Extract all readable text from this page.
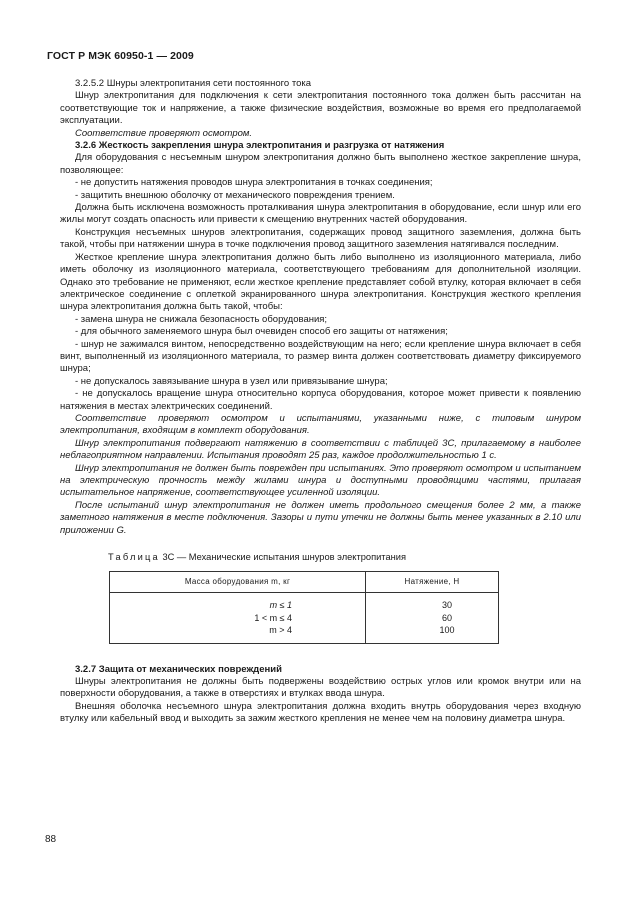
ГОСТ Р МЭК 60950-1 — 2009

3.2.5.2 Шнуры электропитания сети постоянного тока

Шнур электропитания для подключения к сети электропитания постоянного тока должен быть рассчитан на соответствующие ток и напряжение, а также физические воздействия, возможные во время его предполагаемой эксплуатации.

Соответствие проверяют осмотром.

3.2.6 Жесткость закрепления шнура электропитания и разгрузка от натяжения

Для оборудования с несъемным шнуром электропитания должно быть выполнено жесткое закрепление шнура, позволяющее:

- не допустить натяжения проводов шнура электропитания в точках соединения;

- защитить внешнюю оболочку от механического повреждения трением.

Должна быть исключена возможность проталкивания шнура электропитания в оборудование, если шнур или его жилы могут создать опасность или привести к смещению внутренних частей оборудования.

Конструкция несъемных шнуров электропитания, содержащих провод защитного заземления, должна быть такой, чтобы при натяжении шнура в точке подключения провод защитного заземления натягивался последним.

Жесткое крепление шнура электропитания должно быть либо выполнено из изоляционного материала, либо иметь оболочку из изоляционного материала, соответствующего требованиям для дополнительной изоляции. Однако это требование не применяют, если жесткое крепление представляет собой втулку, которая включает в себя электрическое соединение с оплеткой экранированного шнура электропитания. Конструкция жесткого крепления шнура электропитания должна быть такой, чтобы:

- замена шнура не снижала безопасность оборудования;

- для обычного заменяемого шнура был очевиден способ его защиты от натяжения;

- шнур не зажимался винтом, непосредственно воздействующим на него; если крепление шнура включает в себя винт, выполненный из изоляционного материала, то размер винта должен соответствовать диаметру фиксируемого шнура;

- не допускалось завязывание шнура в узел или привязывание шнура;

- не допускалось вращение шнура относительно корпуса оборудования, которое может привести к появлению натяжения в местах электрических соединений.

Соответствие проверяют осмотром и испытаниями, указанными ниже, с типовым шнуром электропитания, входящим в комплект оборудования.

Шнур электропитания подвергают натяжению в соответствии с таблицей 3С, прилагаемому в наиболее неблагоприятном направлении. Испытания проводят 25 раз, каждое продолжительностью 1 с.

Шнур электропитания не должен быть поврежден при испытаниях. Это проверяют осмотром и испытанием на электрическую прочность между жилами шнура и доступными проводящими частями, прилагая испытательное напряжение, соответствующее усиленной изоляции.

После испытаний шнур электропитания не должен иметь продольного смещения более 2 мм, а также заметного натяжения в месте подключения. Зазоры и пути утечки не должны быть менее указанных в 2.10 или приложении G.

Таблица 3С — Механические испытания шнуров электропитания
Масса оборудования m, кг	Натяжение, Н

m ≤ 1	30
1 < m ≤ 4	60
m > 4	100

3.2.7 Защита от механических повреждений

Шнуры электропитания не должны быть подвержены воздействию острых углов или кромок внутри или на поверхности оборудования, а также в отверстиях и втулках ввода шнура.

Внешняя оболочка несъемного шнура электропитания должна входить внутрь оборудования через входную втулку или кабельный ввод и выходить за зажим жесткого крепления не менее чем на половину диаметра шнура.

88
